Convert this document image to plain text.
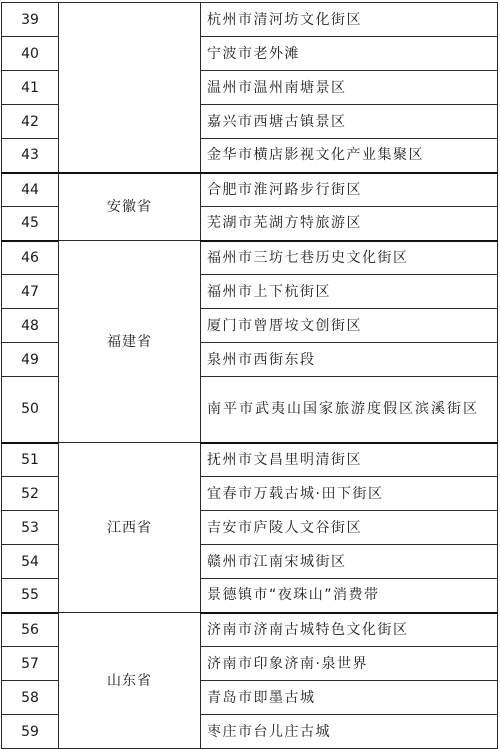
39		杭州市清河坊文化街区
40		宁波市老外滩
41		温州市温州南塘景区
42		嘉兴市西塘古镇景区
43		金华市横店影视文化产业集聚区
44	安徽省	合肥市淮河路步行街区
45		芜湖市芜湖方特旅游区
46	福建省	福州市三坊七巷历史文化街区
47		福州市上下杭街区
48		厦门市曾厝垵文创街区
49		泉州市西街东段
50		南平市武夷山国家旅游度假区滨溪街区
51	江西省	抚州市文昌里明清街区
52		宜春市万载古城·田下街区
53		吉安市庐陵人文谷街区
54		赣州市江南宋城街区
55		景德镇市“夜珠山”消费带
56	山东省	济南市济南古城特色文化街区
57		济南市印象济南·泉世界
58		青岛市即墨古城
59		枣庄市台儿庄古城
